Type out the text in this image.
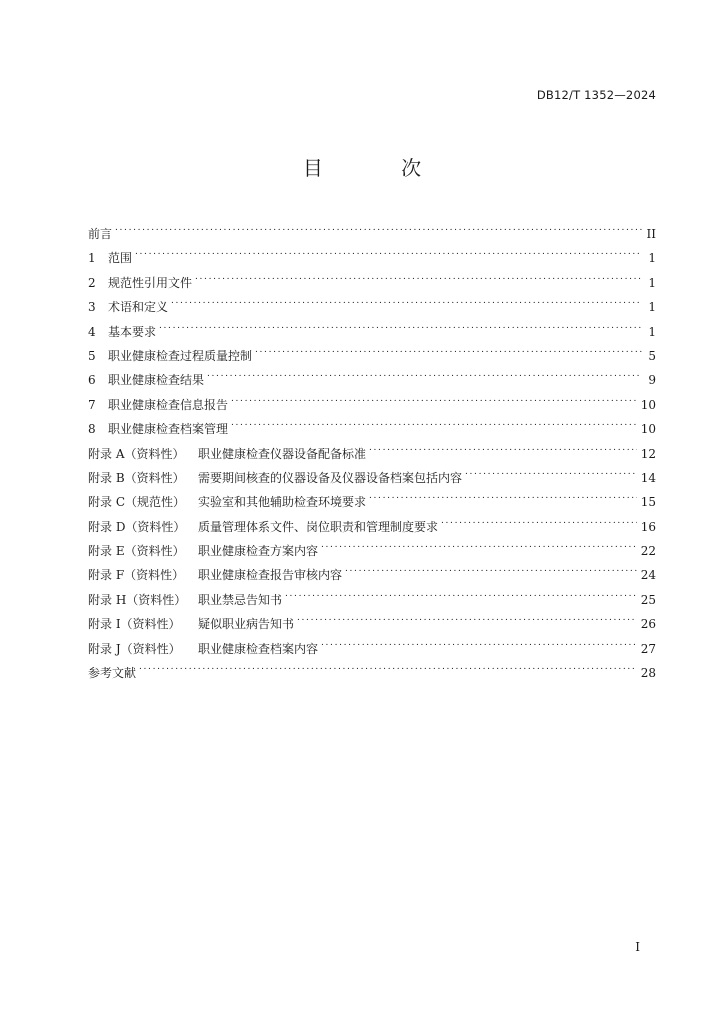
DB12/T 1352—2024
目 次
前言 . . .	II
1	范围 . . .	1
2	规范性引用文件 . . .	1
3	术语和定义 . . .	1
4	基本要求 . . .	1
5	职业健康检查过程质量控制 . . .	5
6	职业健康检查结果 . . .	9
7	职业健康检查信息报告 . . .	10
8	职业健康检查档案管理 . . .	10
附录 A（资料性）	职业健康检查仪器设备配备标准 . . .	12
附录 B（资料性）	需要期间核查的仪器设备及仪器设备档案包括内容 . . .	14
附录 C（规范性）	实验室和其他辅助检查环境要求 . . .	15
附录 D（资料性）	质量管理体系文件、岗位职责和管理制度要求 . . .	16
附录 E（资料性）	职业健康检查方案内容 . . .	22
附录 F（资料性）	职业健康检查报告审核内容 . . .	24
附录 H（资料性） 职业禁忌告知书 . . .	25
附录 I（资料性）	疑似职业病告知书 . . .	26
附录 J（资料性）	职业健康检查档案内容 . . .	27
参考文献 . . .	28
I
